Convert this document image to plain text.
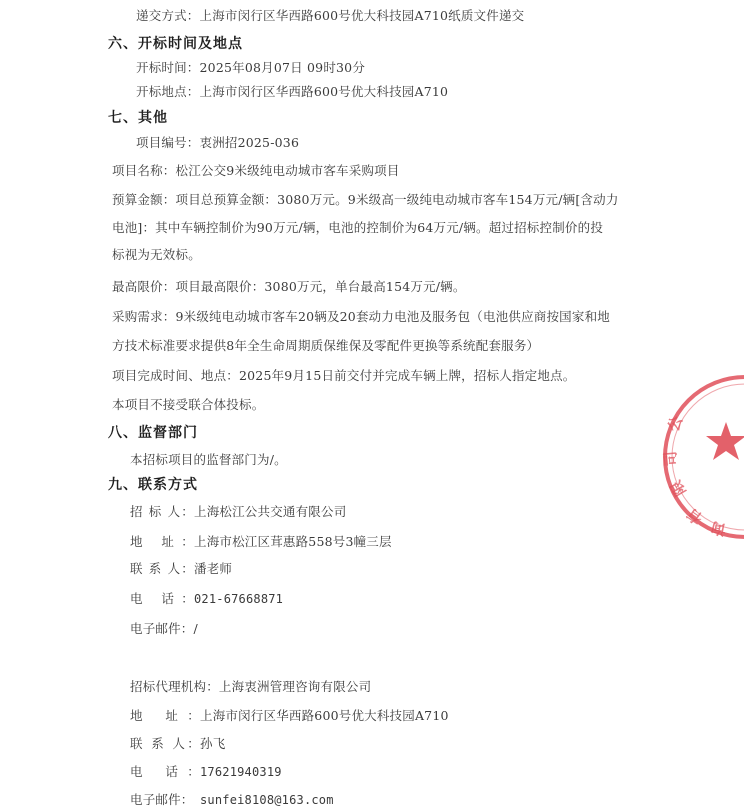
递交方式：上海市闵行区华西路600号优大科技园A710纸质文件递交
六、开标时间及地点
开标时间：2025年08月07日 09时30分
开标地点：上海市闵行区华西路600号优大科技园A710
七、其他
项目编号：衷洲招2025-036
项目名称：松江公交9米级纯电动城市客车采购项目
预算金额：项目总预算金额：3080万元。9米级高一级纯电动城市客车154万元/辆[含动力
电池]：其中车辆控制价为90万元/辆，电池的控制价为64万元/辆。超过招标控制价的投
标视为无效标。
最高限价：项目最高限价：3080万元，单台最高154万元/辆。
采购需求：9米级纯电动城市客车20辆及20套动力电池及服务包（电池供应商按国家和地
方技术标准要求提供8年全生命周期质保维保及零配件更换等系统配套服务）
项目完成时间、地点：2025年9月15日前交付并完成车辆上牌，招标人指定地点。
本项目不接受联合体投标。
八、监督部门
本招标项目的监督部门为/。
九、联系方式
招 标 人：上海松江公共交通有限公司
地 址：上海市松江区茸惠路558号3幢三层
联 系 人：潘老师
电 话：021-67668871
电子邮件：/
招标代理机构：上海衷洲管理咨询有限公司
地 址：上海市闵行区华西路600号优大科技园A710
联 系 人：孙飞
电 话：17621940319
电子邮件： sunfei8108@163.com
公
司
限
有
询
